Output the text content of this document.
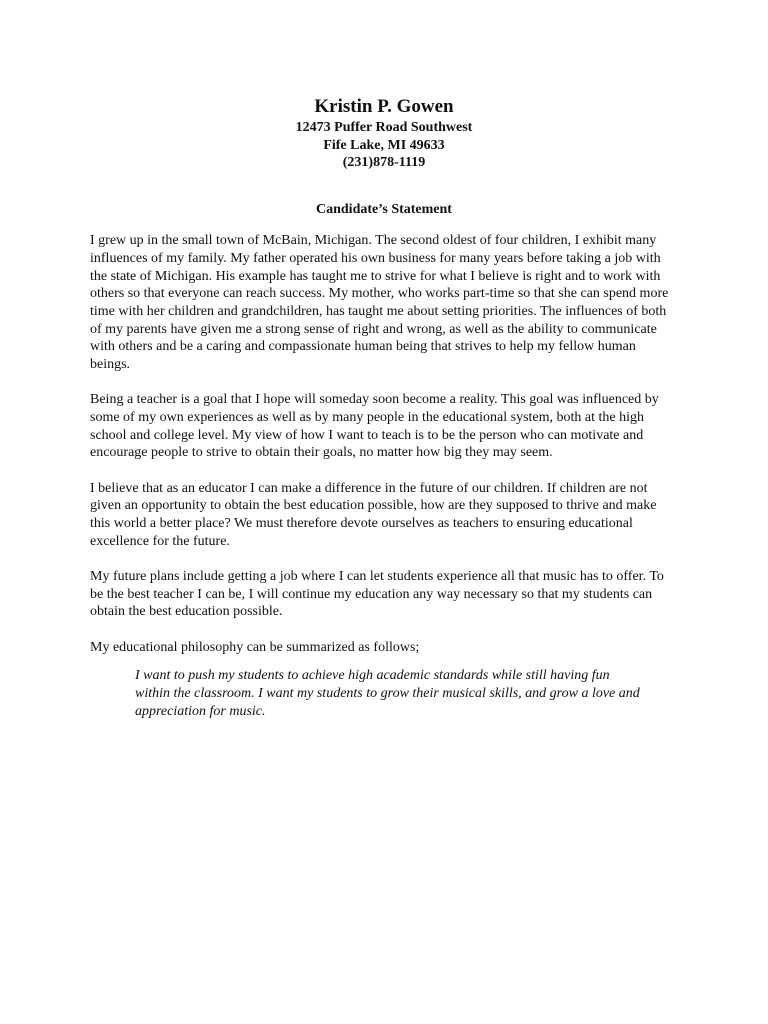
Kristin P. Gowen
12473 Puffer Road Southwest
Fife Lake, MI 49633
(231)878-1119
Candidate’s Statement

I grew up in the small town of McBain, Michigan. The second oldest of four children, I exhibit many influences of my family. My father operated his own business for many years before taking a job with the state of Michigan. His example has taught me to strive for what I believe is right and to work with others so that everyone can reach success. My mother, who works part-time so that she can spend more time with her children and grandchildren, has taught me about setting priorities. The influences of both of my parents have given me a strong sense of right and wrong, as well as the ability to communicate with others and be a caring and compassionate human being that strives to help my fellow human beings.

Being a teacher is a goal that I hope will someday soon become a reality. This goal was influenced by some of my own experiences as well as by many people in the educational system, both at the high school and college level. My view of how I want to teach is to be the person who can motivate and encourage people to strive to obtain their goals, no matter how big they may seem.

I believe that as an educator I can make a difference in the future of our children. If children are not given an opportunity to obtain the best education possible, how are they supposed to thrive and make this world a better place? We must therefore devote ourselves as teachers to ensuring educational excellence for the future.

My future plans include getting a job where I can let students experience all that music has to offer. To be the best teacher I can be, I will continue my education any way necessary so that my students can obtain the best education possible.

My educational philosophy can be summarized as follows;

I want to push my students to achieve high academic standards while still having fun within the classroom. I want my students to grow their musical skills, and grow a love and appreciation for music.
